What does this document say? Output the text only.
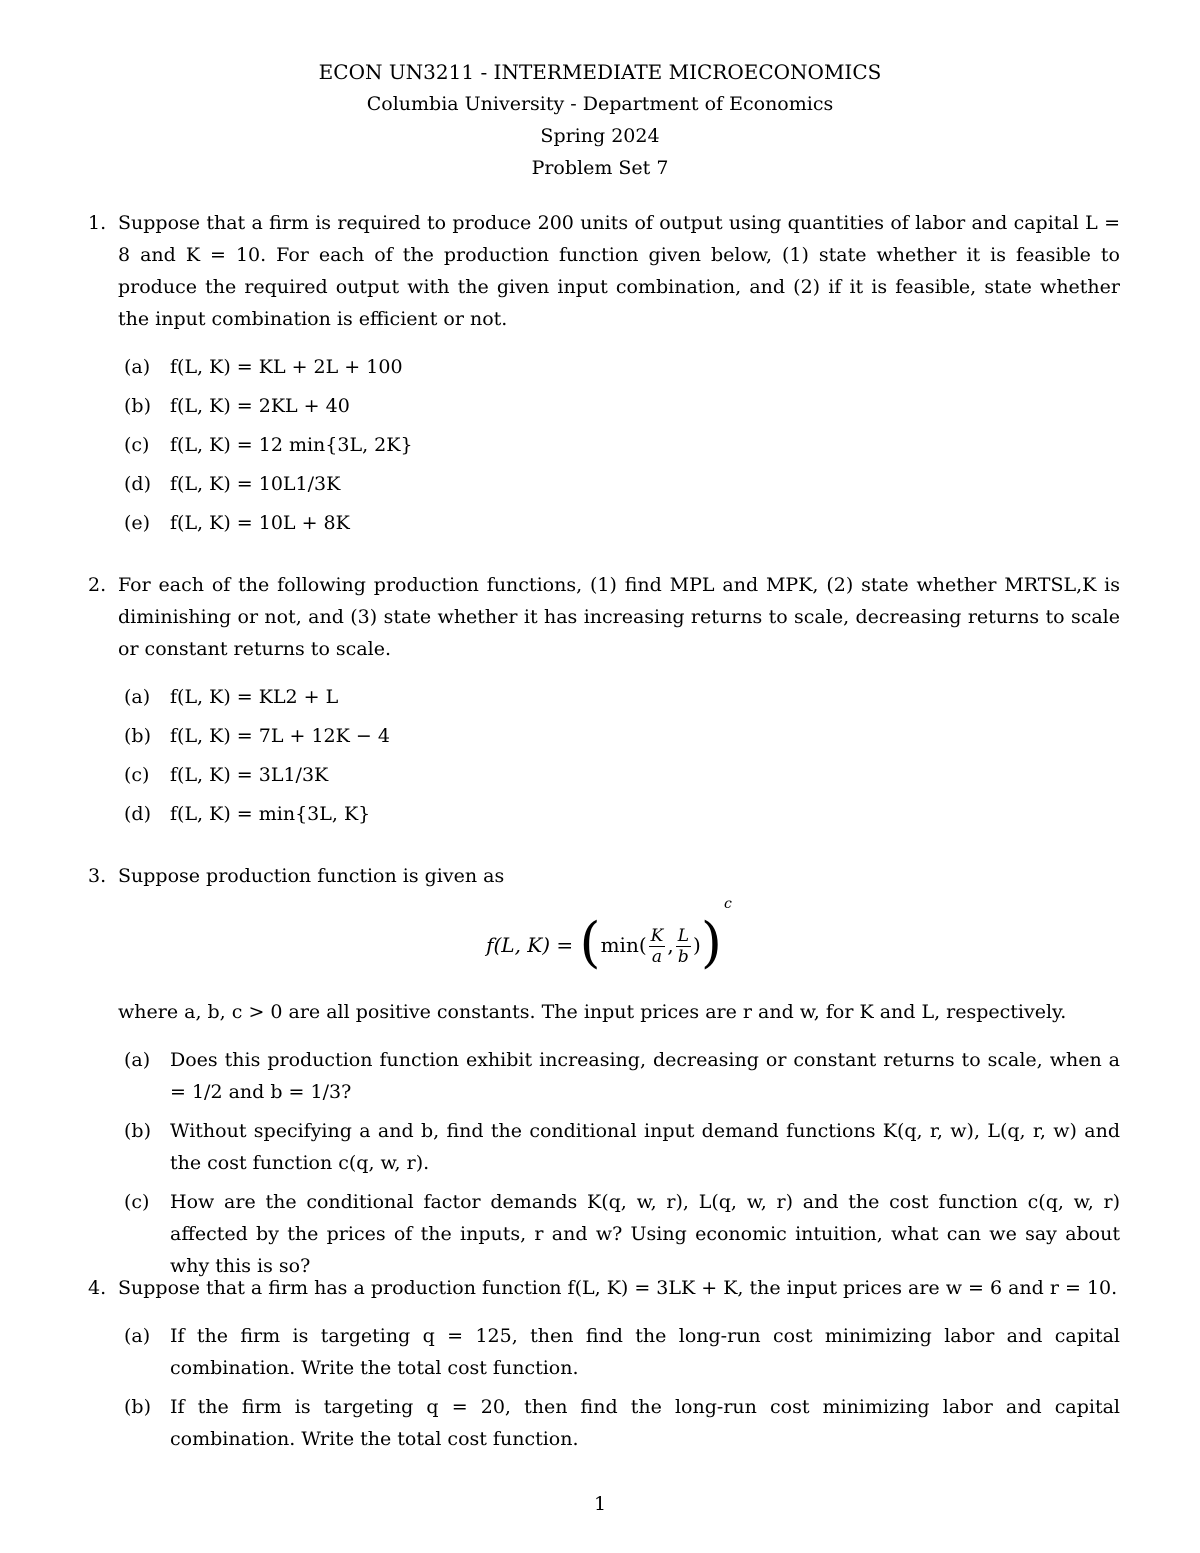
ECON UN3211 - INTERMEDIATE MICROECONOMICS
Columbia University - Department of Economics
Spring 2024
Problem Set 7
1. Suppose that a firm is required to produce 200 units of output using quantities of labor and capital L = 8 and K = 10. For each of the production function given below, (1) state whether it is feasible to produce the required output with the given input combination, and (2) if it is feasible, state whether the input combination is efficient or not.
(a) f(L, K) = KL + 2L + 100
(b) f(L, K) = 2KL + 40
(c) f(L, K) = 12 min{3L, 2K}
(d) f(L, K) = 10L1/3K
(e) f(L, K) = 10L + 8K
2. For each of the following production functions, (1) find MPL and MPK, (2) state whether MRTSL,K is diminishing or not, and (3) state whether it has increasing returns to scale, decreasing returns to scale or constant returns to scale.
(a) f(L, K) = KL2 + L
(b) f(L, K) = 7L + 12K − 4
(c) f(L, K) = 3L1/3K
(d) f(L, K) = min{3L, K}
3. Suppose production function is given as
f(L, $K) = (\min( \frac{K}{a}$ , $\frac{L}{b}$ ))
c
where a, b, c > 0 are all positive constants. The input prices are r and w, for K and L, respectively.
(a) Does this production function exhibit increasing, decreasing or constant returns to scale, when a = 1/2 and b = 1/3?
(b) Without specifying a and b, find the conditional input demand functions K(q, r, w), L(q, r, w) and the cost function c(q, w, r).
(c) How are the conditional factor demands K(q, w, r), L(q, w, r) and the cost function c(q, w, r) affected by the prices of the inputs, r and w? Using economic intuition, what can we say about why this is so?
4. Suppose that a firm has a production function f(L, K) = 3LK + K, the input prices are w = 6 and r = 10.
(a) If the firm is targeting q = 125, then find the long-run cost minimizing labor and capital combination. Write the total cost function.
(b) If the firm is targeting q = 20, then find the long-run cost minimizing labor and capital combination. Write the total cost function.
1
